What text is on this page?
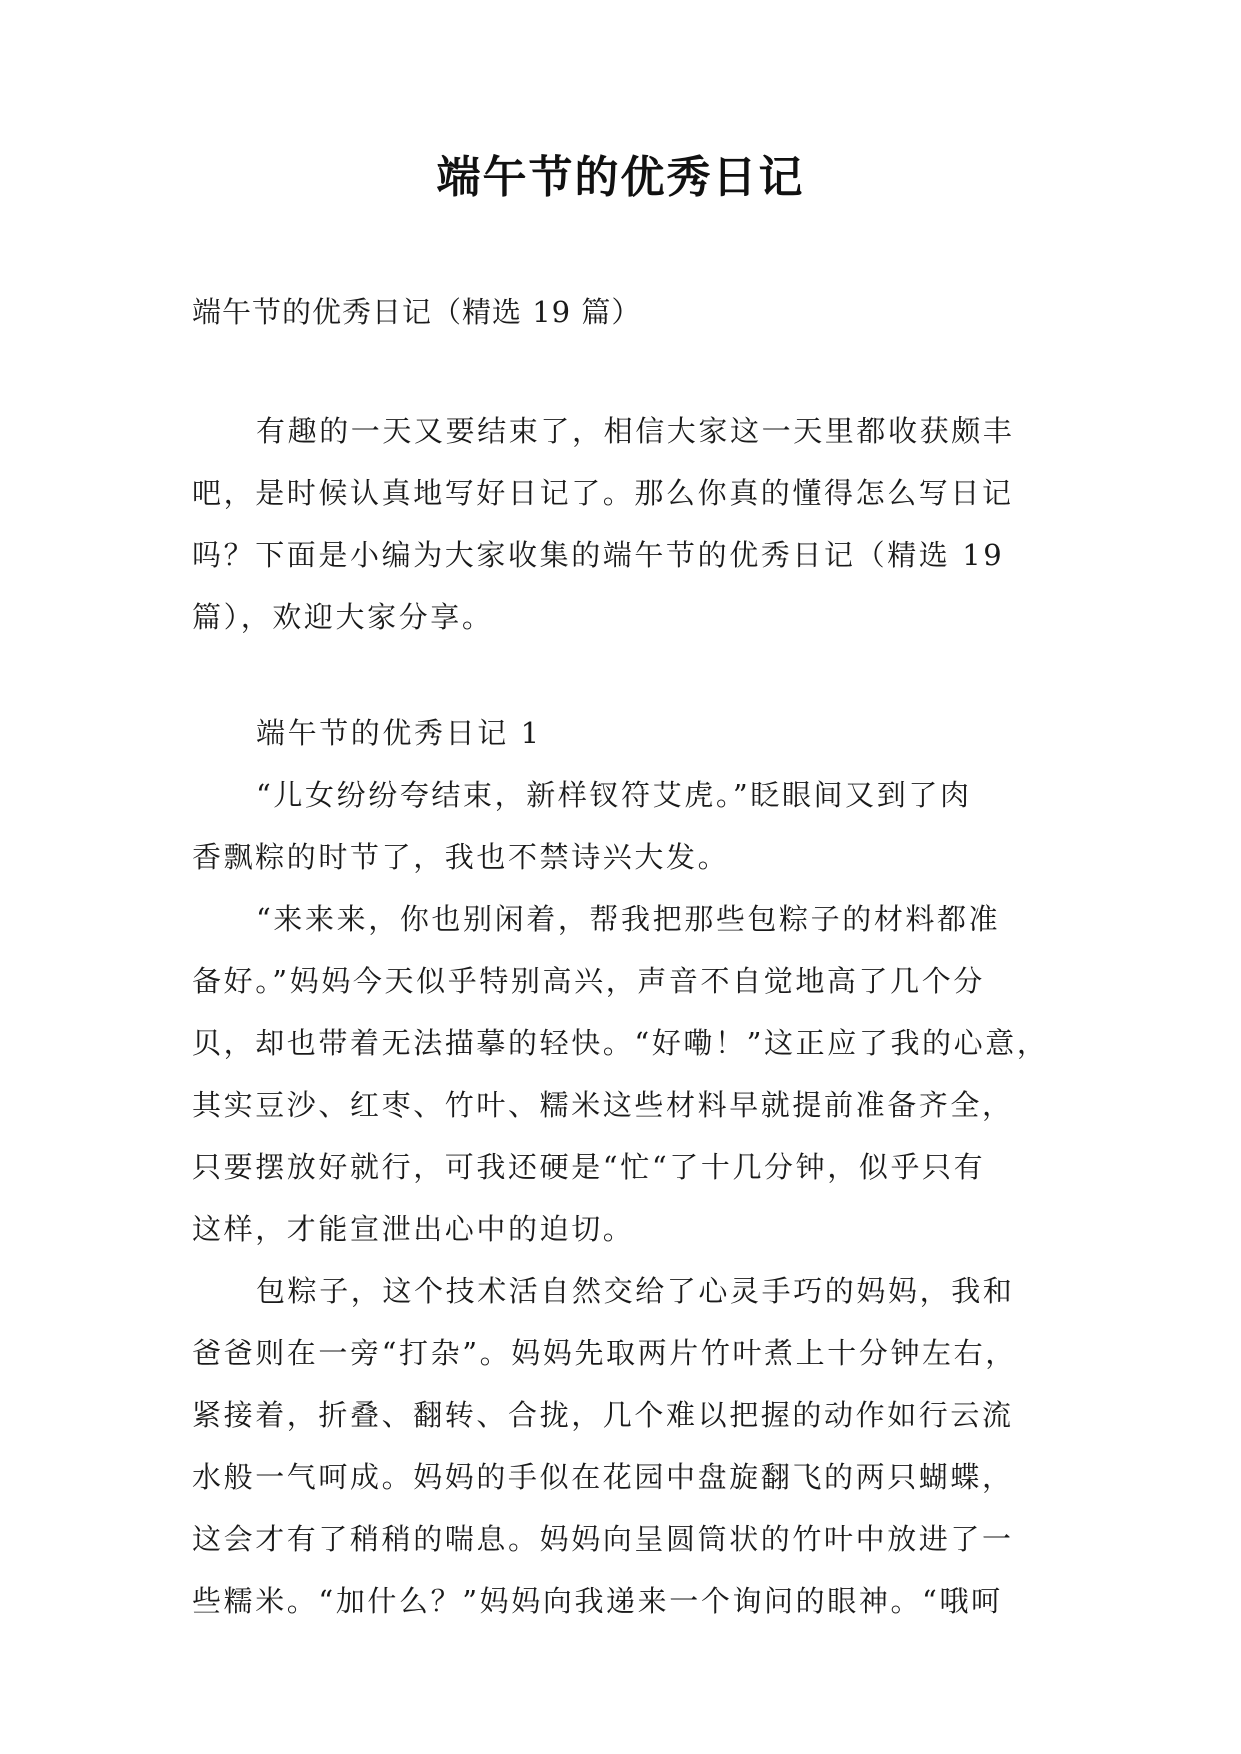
端午节的优秀日记
端午节的优秀日记（精选 19 篇）
有趣的一天又要结束了，相信大家这一天里都收获颇丰
吧，是时候认真地写好日记了。那么你真的懂得怎么写日记
吗？下面是小编为大家收集的端午节的优秀日记（精选 19
篇），欢迎大家分享。
端午节的优秀日记 1
“儿女纷纷夸结束，新样钗符艾虎。”眨眼间又到了肉
香飘粽的时节了，我也不禁诗兴大发。
“来来来，你也别闲着，帮我把那些包粽子的材料都准
备好。”妈妈今天似乎特别高兴，声音不自觉地高了几个分
贝，却也带着无法描摹的轻快。“好嘞！”这正应了我的心意，
其实豆沙、红枣、竹叶、糯米这些材料早就提前准备齐全，
只要摆放好就行，可我还硬是“忙“了十几分钟，似乎只有
这样，才能宣泄出心中的迫切。
包粽子，这个技术活自然交给了心灵手巧的妈妈，我和
爸爸则在一旁“打杂”。妈妈先取两片竹叶煮上十分钟左右，
紧接着，折叠、翻转、合拢，几个难以把握的动作如行云流
水般一气呵成。妈妈的手似在花园中盘旋翻飞的两只蝴蝶，
这会才有了稍稍的喘息。妈妈向呈圆筒状的竹叶中放进了一
些糯米。“加什么？”妈妈向我递来一个询问的眼神。“哦呵
